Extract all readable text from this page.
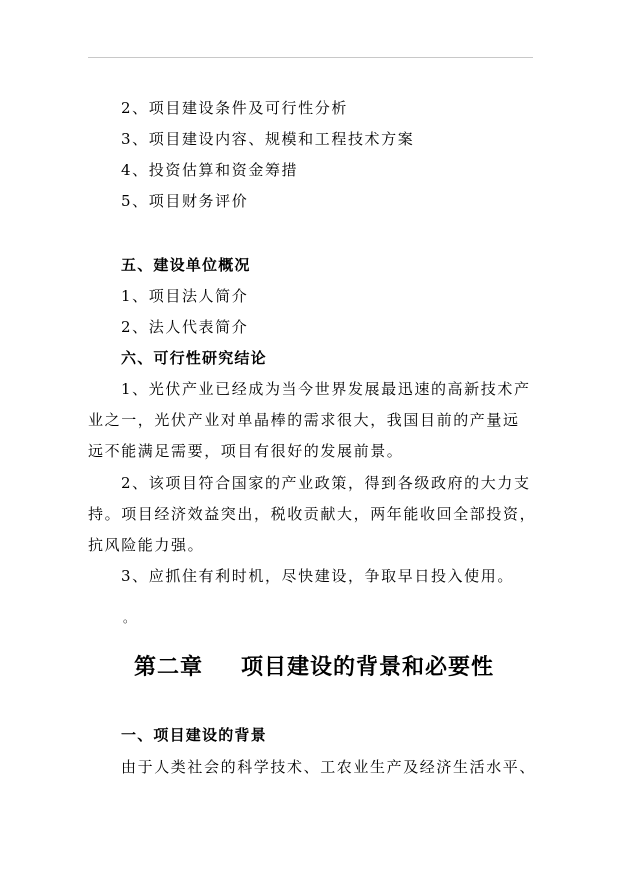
2、项目建设条件及可行性分析
3、项目建设内容、规模和工程技术方案
4、投资估算和资金筹措
5、项目财务评价
五、建设单位概况
1、项目法人简介
2、法人代表简介
六、可行性研究结论
1、光伏产业已经成为当今世界发展最迅速的高新技术产
业之一，光伏产业对单晶棒的需求很大，我国目前的产量远
远不能满足需要，项目有很好的发展前景。
2、该项目符合国家的产业政策，得到各级政府的大力支
持。项目经济效益突出，税收贡献大，两年能收回全部投资，
抗风险能力强。
3、应抓住有利时机，尽快建设，争取早日投入使用。
。
第二章 项目建设的背景和必要性
一、项目建设的背景
由于人类社会的科学技术、工农业生产及经济生活水平、
